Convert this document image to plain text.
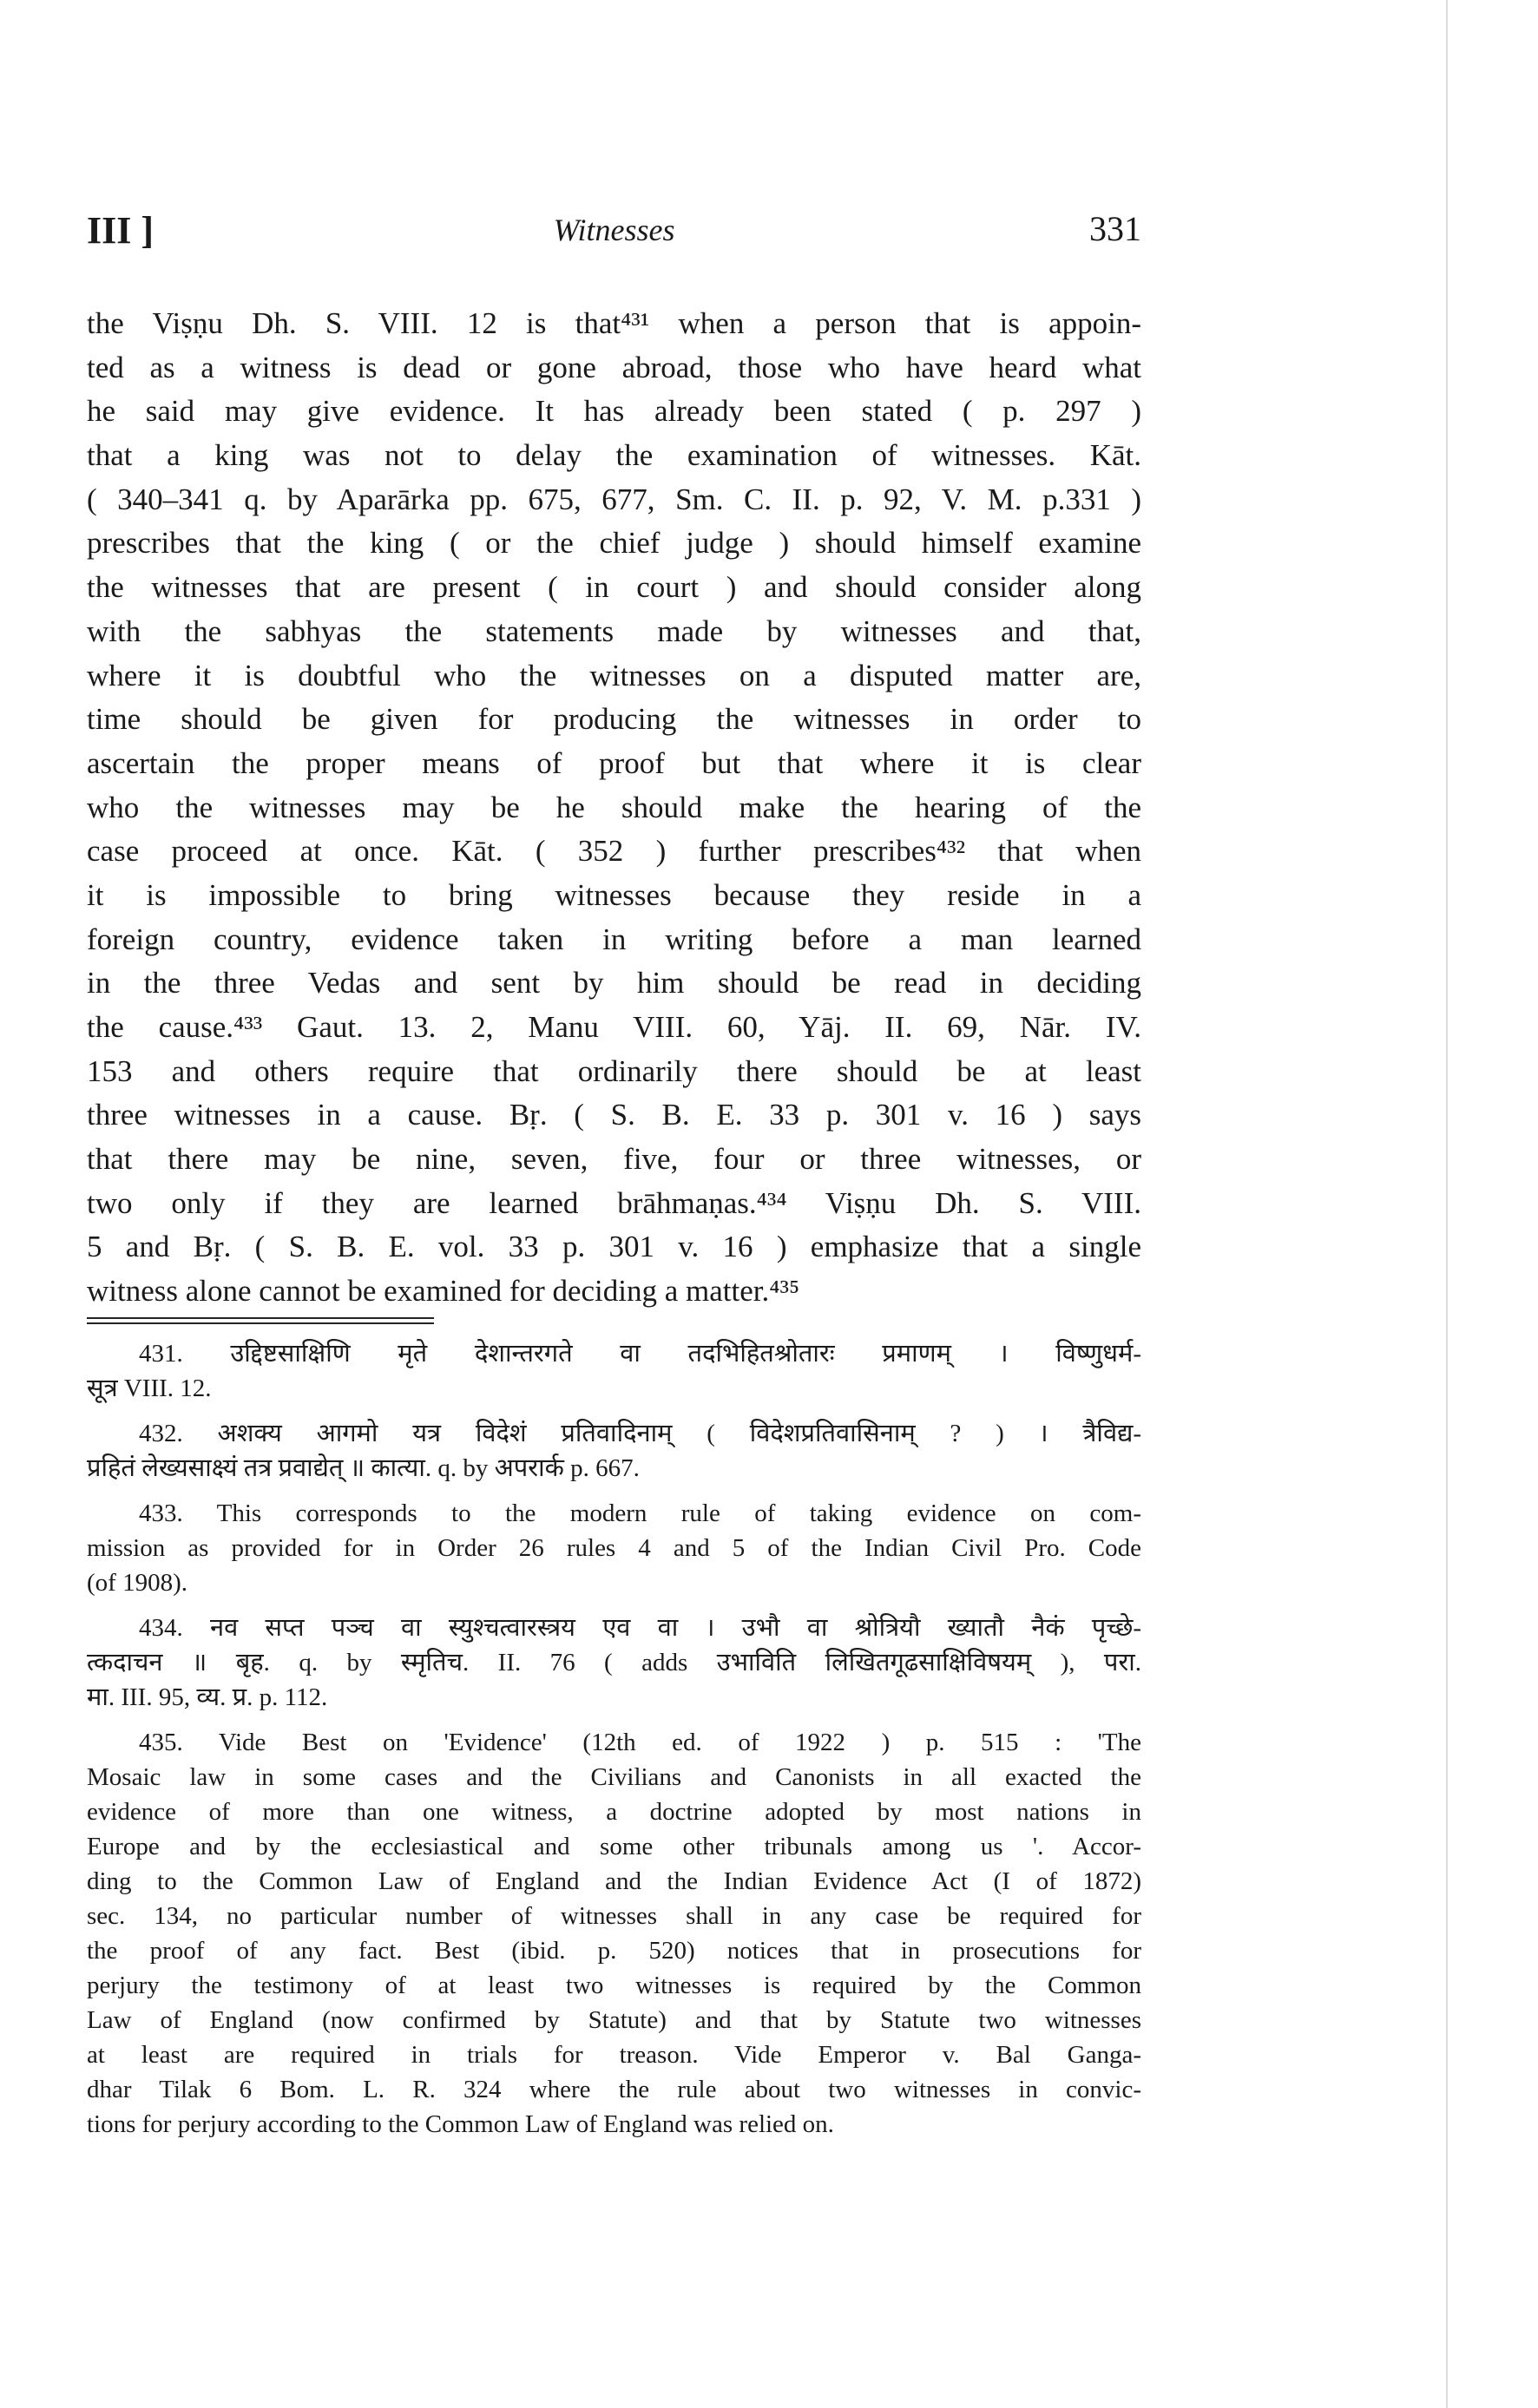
III ]	Witnesses	331
the Viṣṇu Dh. S. VIII. 12 is that⁴³¹ when a person that is appoin-
ted as a witness is dead or gone abroad, those who have heard what
he said may give evidence. It has already been stated ( p. 297 )
that a king was not to delay the examination of witnesses. Kāt.
( 340–341 q. by Aparārka pp. 675, 677, Sm. C. II. p. 92, V. M. p.331 )
prescribes that the king ( or the chief judge ) should himself examine
the witnesses that are present ( in court ) and should consider along
with the sabhyas the statements made by witnesses and that,
where it is doubtful who the witnesses on a disputed matter are,
time should be given for producing the witnesses in order to
ascertain the proper means of proof but that where it is clear
who the witnesses may be he should make the hearing of the
case proceed at once. Kāt. ( 352 ) further prescribes⁴³² that when
it is impossible to bring witnesses because they reside in a
foreign country, evidence taken in writing before a man learned
in the three Vedas and sent by him should be read in deciding
the cause.⁴³³ Gaut. 13. 2, Manu VIII. 60, Yāj. II. 69, Nār. IV.
153 and others require that ordinarily there should be at least
three witnesses in a cause. Bṛ. ( S. B. E. 33 p. 301 v. 16 ) says
that there may be nine, seven, five, four or three witnesses, or
two only if they are learned brāhmaṇas.⁴³⁴ Viṣṇu Dh. S. VIII.
5 and Bṛ. ( S. B. E. vol. 33 p. 301 v. 16 ) emphasize that a single
witness alone cannot be examined for deciding a matter.⁴³⁵
431. उद्दिष्टसाक्षिणि मृते देशान्तरगते वा तदभिहितश्रोतारः प्रमाणम् । विष्णुधर्म-
सूत्र VIII. 12.
432. अशक्य आगमो यत्र विदेशं प्रतिवादिनाम् ( विदेशप्रतिवासिनाम् ? ) । त्रैविद्य-
प्रहितं लेख्यसाक्ष्यं तत्र प्रवाद्येत् ॥ कात्या. q. by अपरार्क p. 667.
433. This corresponds to the modern rule of taking evidence on com-
mission as provided for in Order 26 rules 4 and 5 of the Indian Civil Pro. Code
(of 1908).
434. नव सप्त पञ्च वा स्युश्चत्वारस्त्रय एव वा । उभौ वा श्रोत्रियौ ख्यातौ नैकं पृच्छे-
त्कदाचन ॥ बृह. q. by स्मृतिच. II. 76 ( adds उभाविति लिखितगूढसाक्षिविषयम् ), परा.
मा. III. 95, व्य. प्र. p. 112.
435. Vide Best on 'Evidence' (12th ed. of 1922 ) p. 515 : 'The
Mosaic law in some cases and the Civilians and Canonists in all exacted the
evidence of more than one witness, a doctrine adopted by most nations in
Europe and by the ecclesiastical and some other tribunals among us '. Accor-
ding to the Common Law of England and the Indian Evidence Act (I of 1872)
sec. 134, no particular number of witnesses shall in any case be required for
the proof of any fact. Best (ibid. p. 520) notices that in prosecutions for
perjury the testimony of at least two witnesses is required by the Common
Law of England (now confirmed by Statute) and that by Statute two witnesses
at least are required in trials for treason. Vide Emperor v. Bal Ganga-
dhar Tilak 6 Bom. L. R. 324 where the rule about two witnesses in convic-
tions for perjury according to the Common Law of England was relied on.
